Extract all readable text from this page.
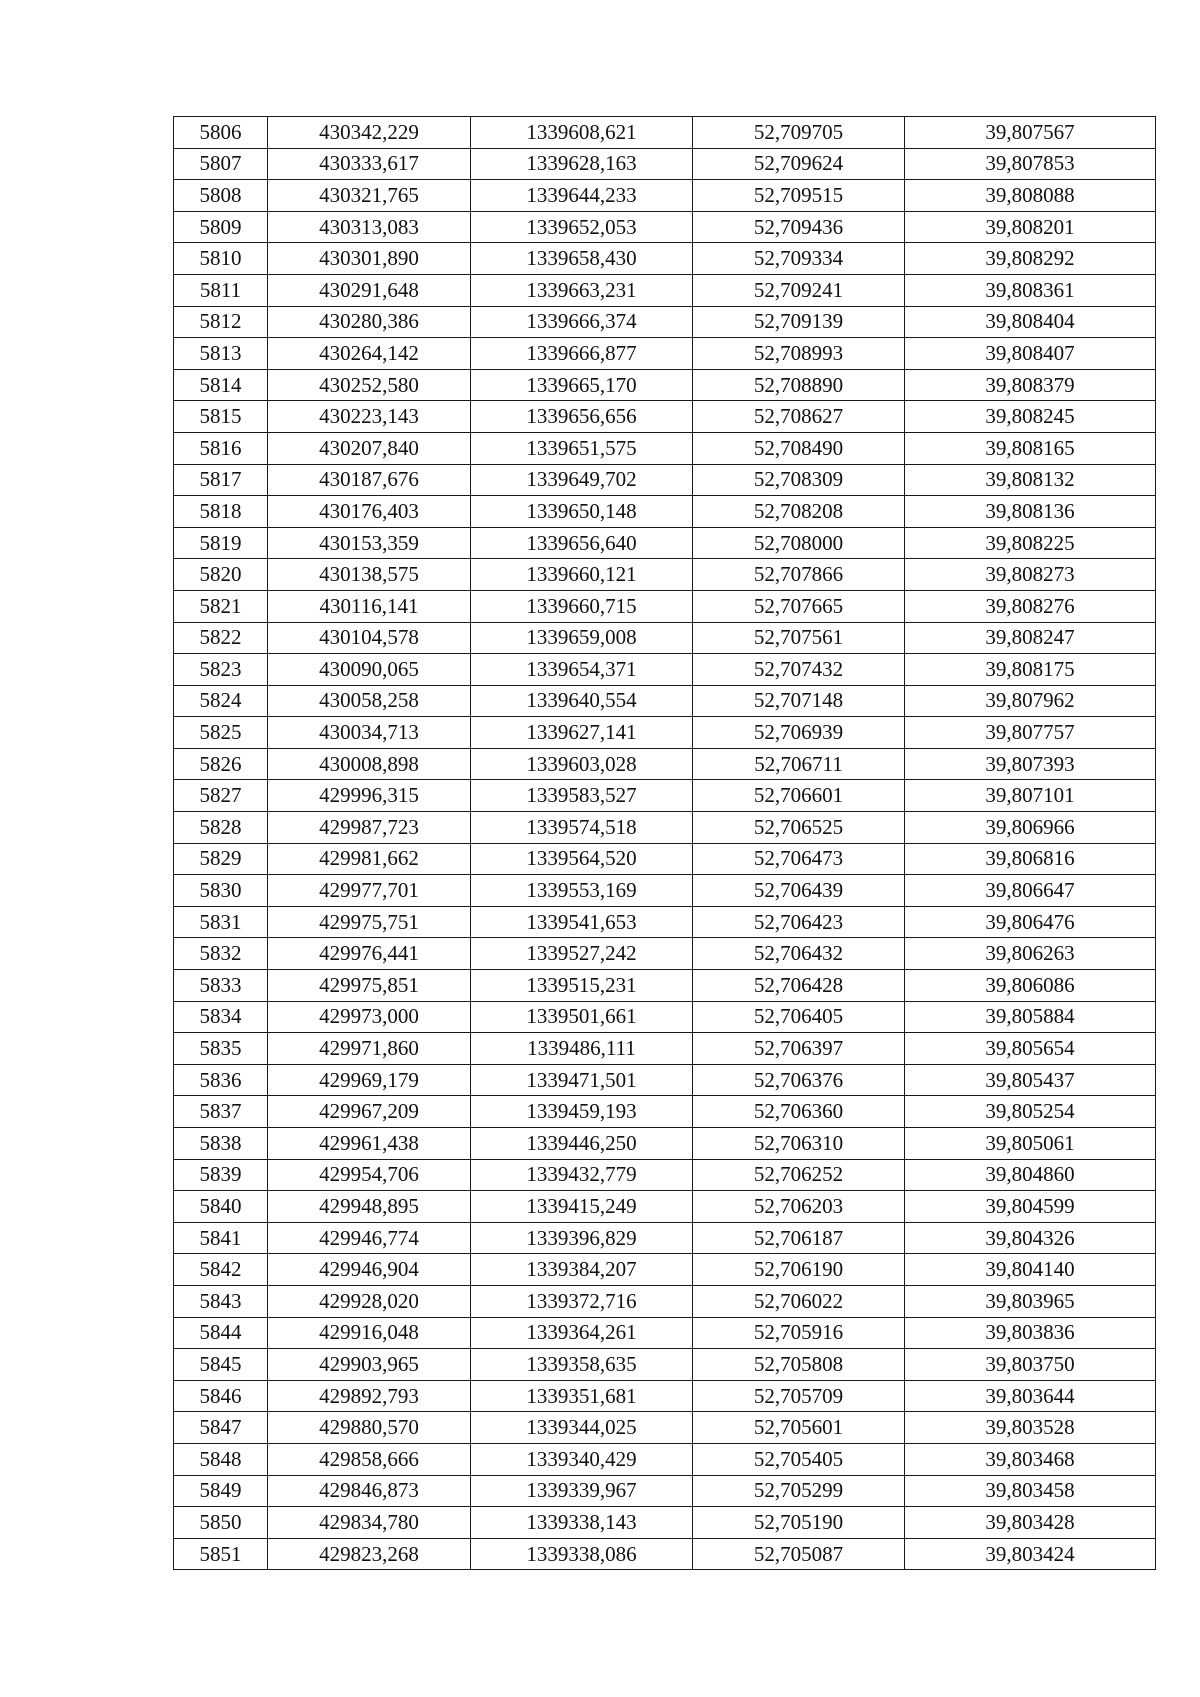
5806	430342,229	1339608,621	52,709705	39,807567
5807	430333,617	1339628,163	52,709624	39,807853
5808	430321,765	1339644,233	52,709515	39,808088
5809	430313,083	1339652,053	52,709436	39,808201
5810	430301,890	1339658,430	52,709334	39,808292
5811	430291,648	1339663,231	52,709241	39,808361
5812	430280,386	1339666,374	52,709139	39,808404
5813	430264,142	1339666,877	52,708993	39,808407
5814	430252,580	1339665,170	52,708890	39,808379
5815	430223,143	1339656,656	52,708627	39,808245
5816	430207,840	1339651,575	52,708490	39,808165
5817	430187,676	1339649,702	52,708309	39,808132
5818	430176,403	1339650,148	52,708208	39,808136
5819	430153,359	1339656,640	52,708000	39,808225
5820	430138,575	1339660,121	52,707866	39,808273
5821	430116,141	1339660,715	52,707665	39,808276
5822	430104,578	1339659,008	52,707561	39,808247
5823	430090,065	1339654,371	52,707432	39,808175
5824	430058,258	1339640,554	52,707148	39,807962
5825	430034,713	1339627,141	52,706939	39,807757
5826	430008,898	1339603,028	52,706711	39,807393
5827	429996,315	1339583,527	52,706601	39,807101
5828	429987,723	1339574,518	52,706525	39,806966
5829	429981,662	1339564,520	52,706473	39,806816
5830	429977,701	1339553,169	52,706439	39,806647
5831	429975,751	1339541,653	52,706423	39,806476
5832	429976,441	1339527,242	52,706432	39,806263
5833	429975,851	1339515,231	52,706428	39,806086
5834	429973,000	1339501,661	52,706405	39,805884
5835	429971,860	1339486,111	52,706397	39,805654
5836	429969,179	1339471,501	52,706376	39,805437
5837	429967,209	1339459,193	52,706360	39,805254
5838	429961,438	1339446,250	52,706310	39,805061
5839	429954,706	1339432,779	52,706252	39,804860
5840	429948,895	1339415,249	52,706203	39,804599
5841	429946,774	1339396,829	52,706187	39,804326
5842	429946,904	1339384,207	52,706190	39,804140
5843	429928,020	1339372,716	52,706022	39,803965
5844	429916,048	1339364,261	52,705916	39,803836
5845	429903,965	1339358,635	52,705808	39,803750
5846	429892,793	1339351,681	52,705709	39,803644
5847	429880,570	1339344,025	52,705601	39,803528
5848	429858,666	1339340,429	52,705405	39,803468
5849	429846,873	1339339,967	52,705299	39,803458
5850	429834,780	1339338,143	52,705190	39,803428
5851	429823,268	1339338,086	52,705087	39,803424
